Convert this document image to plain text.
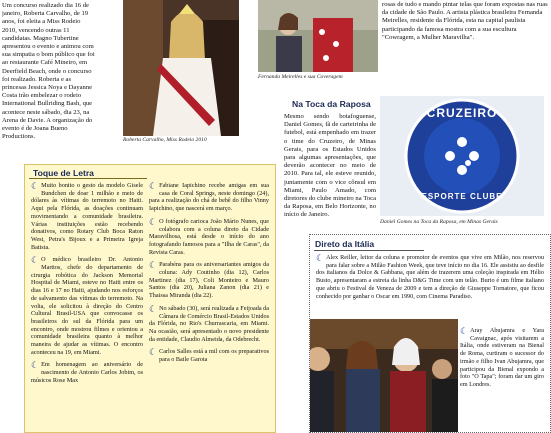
Um concurso realizado dia 16 de janeiro, Roberta Carvalho, de 19 anos, foi eleita a Miss Rodeio 2010, vencendo outras 11 candidatas. Magno Tubertine apresentou o evento e animou com sua simpatia o bom público que foi ao restaurante Café Mineiro, em Deerfield Beach, onde o concurso foi realizado. Roberta e as princesas Jessica Noya e Dayanne Costa irão embelezar o rodeio International Bullriding Bash, que acontece neste sábado, dia 23, na Arena de Davie. A organização do evento é de Joana Bueno Productions.	Roberta Carvalho, Miss Rodeio 2010
Fernanda Meirelles e sua Coveragem
rosas de tudo e mando pintar telas que foram expostas nas ruas da cidade de São Paulo. A artista plástica brasileira Fernanda Meirelles, residente da Flórida, esta na capital paulista participando da famosa mostra com a sua escultura "Cowragem, a Mulher Maravilha".
Na Toca da Raposa
Mesmo sendo botafoguense, Daniel Gomes, fã de carteirinha de futebol, está empenhado em trazer o time do Cruzeiro, de Minas Gerais, para os Estados Unidos para algumas apresentações, que deverão acontecer no meio de 2010. Para tal, ele esteve reunido, juntamente com o vice cônsul em Miami, Paulo Amado, com diretores do clube mineiro na Toca da Raposa, em Belo Horizonte, no início de Janeiro.
CRUZEIRO
ESPORTE CLUBE
Daniel Gomes na Toca da Raposa, em Minas Gerais
Toque de Letra
☾ Muito bonito o gesto da modelo Gisele Bundchen de doar 1 milhão e meio de dólares às vítimas do terremoto no Haiti. Aqui pela Flórida, as doações continuam movimentando a comunidade brasileira. Várias instituições estão recebendo donativos, como Rotary Club Boca Raton West, Petra's Bijoux e a Primeira Igreja Batista.
☾ O médico brasileiro Dr. Antonio Marttos, chefe do departamento de cirurgia robótica do Jackson Memorial Hospital de Miami, esteve no Haiti entre os dias 16 e 17 no Haiti, ajudando nos esforços de salvamento das vítimas do terremoto. Na volta, ele solicitou à direção do Centro Cultural Brasil-USA que convocasse os brasileiros do sul da Flórida para um encontro, onde mostrou filmes e orientou a comunidade brasileira quanto à melhor maneira de ajudar as vítimas. O encontro aconteceu na 19, em Miami.
☾ Em homenagem ao aniversário de nascimento de Antonio Carlos Jobim, os músicos Rose Max
☾ Fabiane Iapichino recebe amigas em sua casa de Coral Springs, neste domingo (24), para a realização do chá de bebê do filho Vinny Iapichino, que nascerá em março.
☾ O fotógrafo carioca João Mário Nunes, que colabora com a coluna direto da Cidade Maravilhosa, está desde o início do ano fotografando famosos para a "Ilha de Caras", da Revista Caras.
☾ Parabéns para os aniversariantes amigos da coluna: Ady Coutinho (dia 12), Carlos Martinez (dia 17), Coli Monteiro e Mauro Santos (dia 20), Juliana Zanon (dia 21) e Thaissa Miranda (dia 22).
☾ No sábado (30), será realizada a Feijoada da Câmara de Comércio Brasil-Estados Unidos da Flórida, no Rio's Churrascaria, em Miami. Na ocasião, será apresentado o novo presidente da entidade, Claudio Almeida, da Odebrecht.
☾ Carlos Salles está a mil com os preparativos para o Baile Garota
Direto da Itália
☾ Alex Reiller, leitor da coluna e promotor de eventos que vive em Milão, nos reservou para falar sobre a Milão Fashion Week, que teve início no dia 16. Ele assistiu ao desfile dos italianos da Dolce & Gabbana, que além de trazerem uma coleção inspirada em Hélio Busto, apresentaram a estreia da linha D&G Time com um telão. Burio é um filme italiano que abriu o Festival de Veneza de 2009 e tem a direção de Giuseppe Tornatore, que ficou conhecido por ganhar o Oscar em 1990, com Cinema Paradiso.
☾ Aray Abujamra e Yara Cavaignac, após visitarem a Itália, onde estiveram na Bienal de Roma, curtiram o sucessor do irmão e filho Ivan Abujamra, que participou da Bienal expondo a foto "O Tapa"; foram dar um giro em Londres.
